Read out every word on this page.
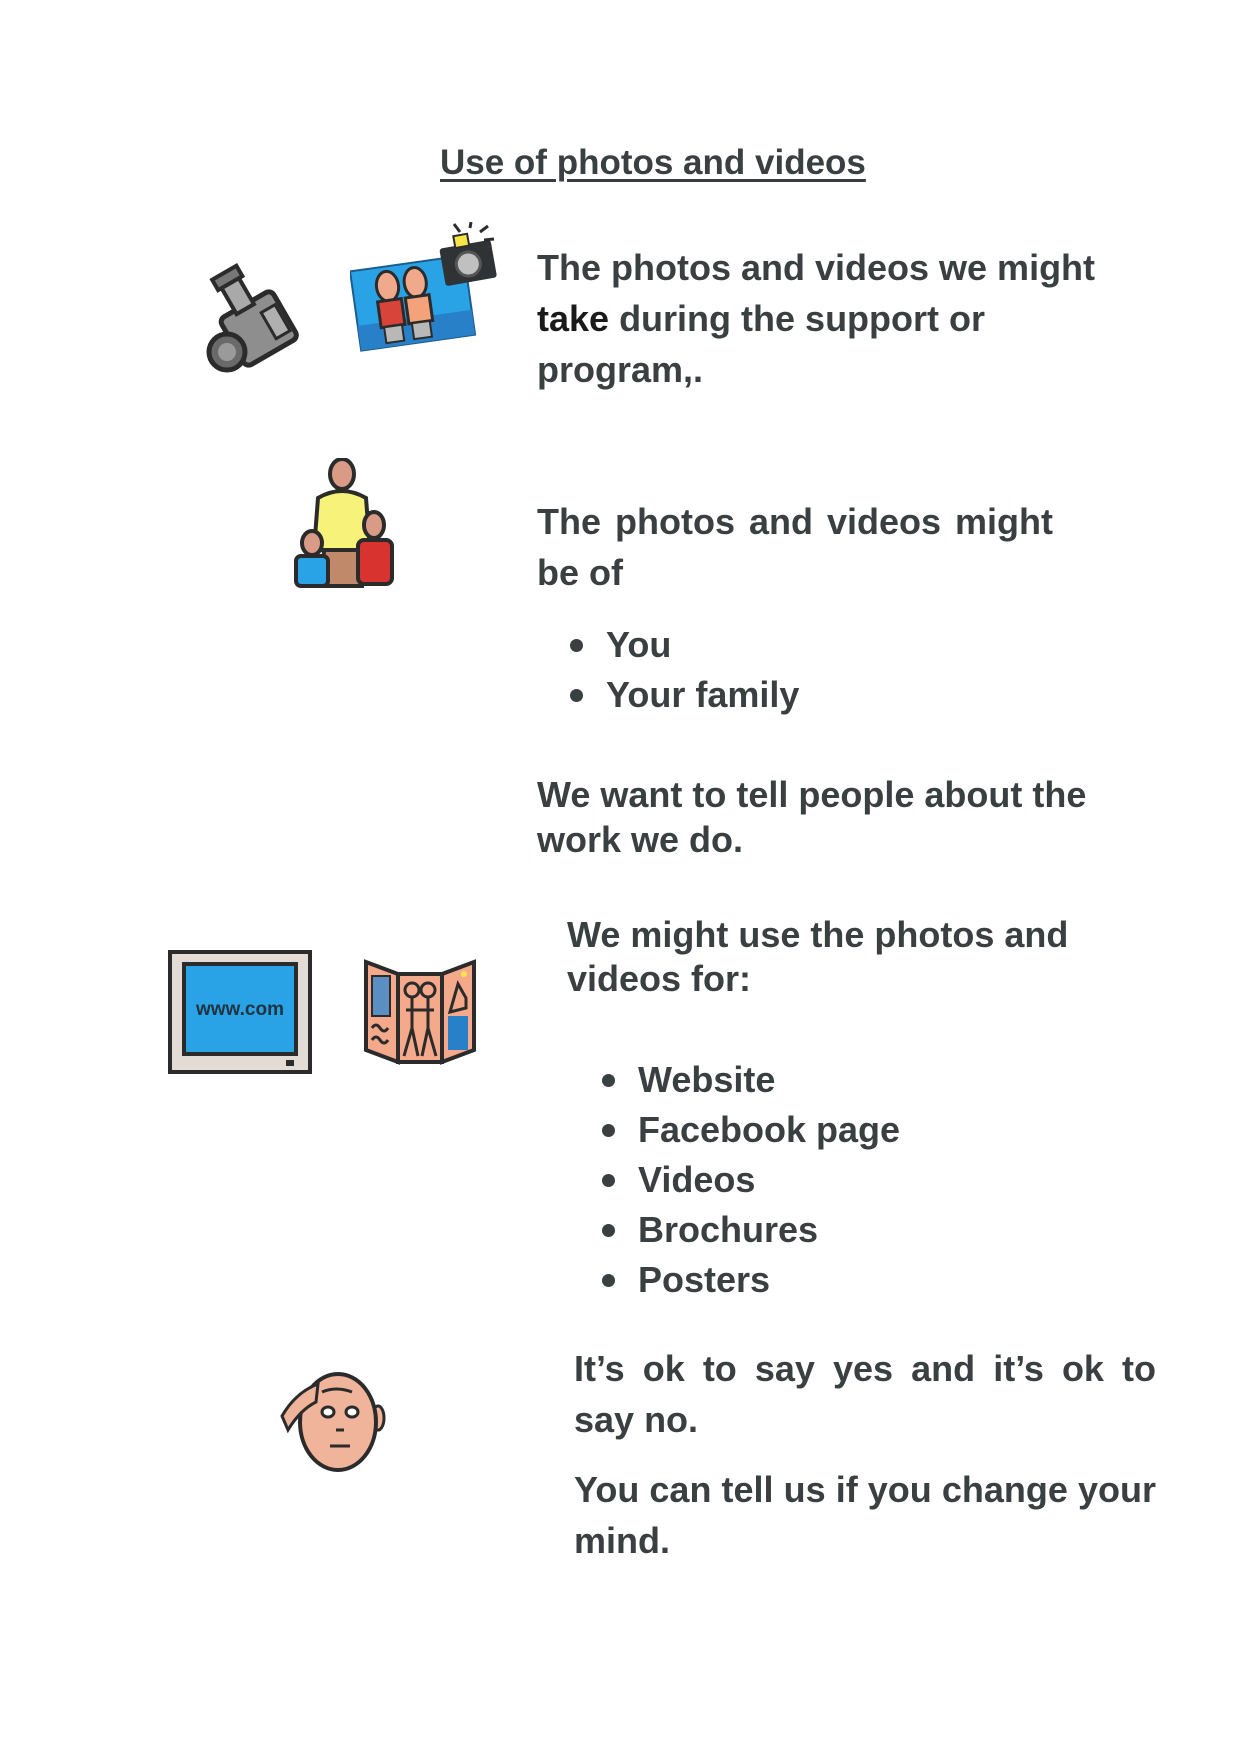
Use of photos and videos
The photos and videos we might
take during the support or
program,.
The photos and videos might be of
You
Your family
We want to tell people about the work we do.
www.com
We might use the photos and videos for:
Website
Facebook page
Videos
Brochures
Posters
It’s ok to say yes and it’s ok to say no.
You can tell us if you change your mind.
